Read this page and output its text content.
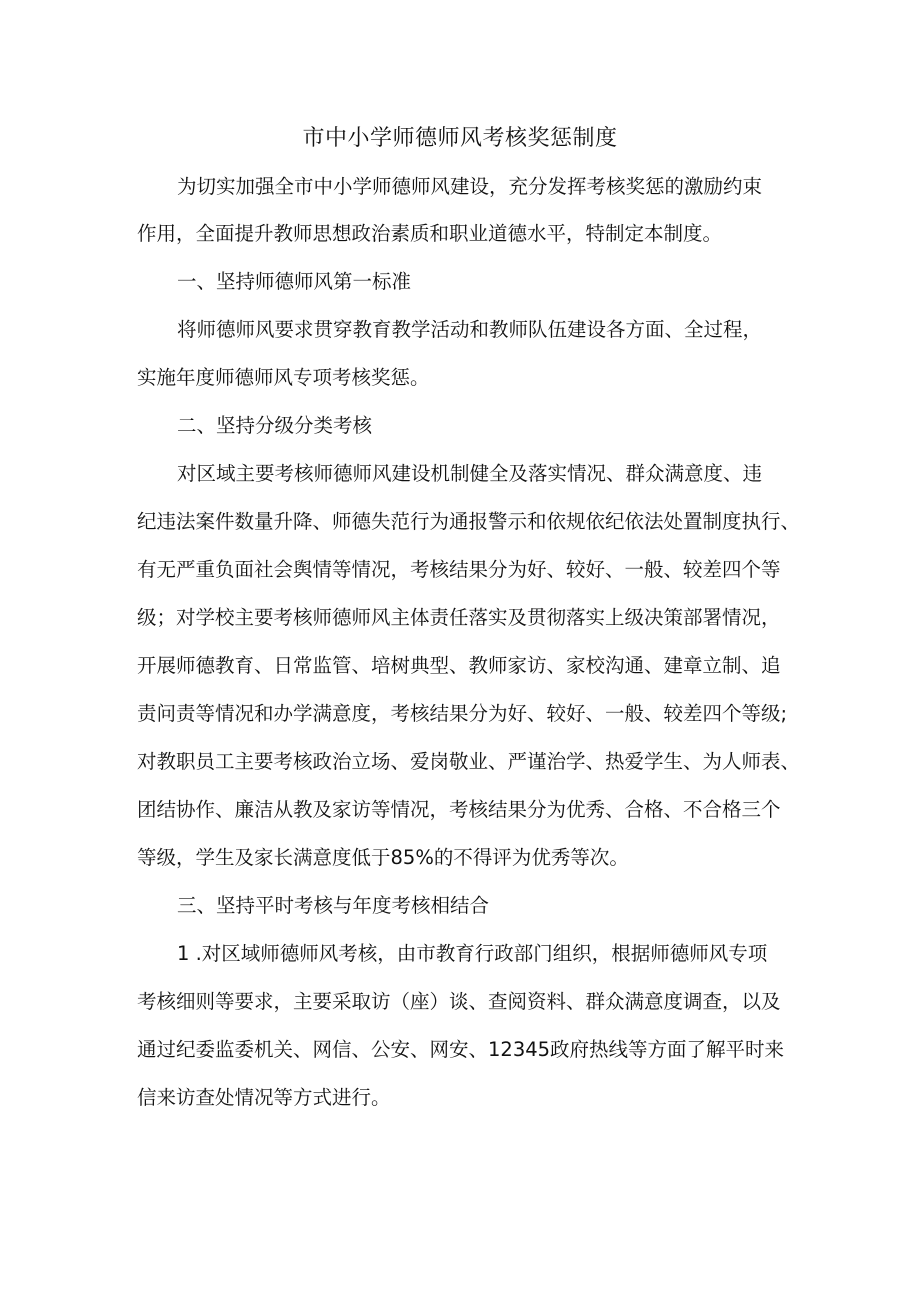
市中小学师德师风考核奖惩制度
为切实加强全市中小学师德师风建设，充分发挥考核奖惩的激励约束
作用，全面提升教师思想政治素质和职业道德水平，特制定本制度。
一、坚持师德师风第一标准
将师德师风要求贯穿教育教学活动和教师队伍建设各方面、全过程，
实施年度师德师风专项考核奖惩。
二、坚持分级分类考核
对区域主要考核师德师风建设机制健全及落实情况、群众满意度、违
纪违法案件数量升降、师德失范行为通报警示和依规依纪依法处置制度执行、
有无严重负面社会舆情等情况，考核结果分为好、较好、一般、较差四个等
级；对学校主要考核师德师风主体责任落实及贯彻落实上级决策部署情况，
开展师德教育、日常监管、培树典型、教师家访、家校沟通、建章立制、追
责问责等情况和办学满意度，考核结果分为好、较好、一般、较差四个等级;
对教职员工主要考核政治立场、爱岗敬业、严谨治学、热爱学生、为人师表、
团结协作、廉洁从教及家访等情况，考核结果分为优秀、合格、不合格三个
等级，学生及家长满意度低于85%的不得评为优秀等次。
三、坚持平时考核与年度考核相结合
1 .对区域师德师风考核，由市教育行政部门组织，根据师德师风专项
考核细则等要求，主要采取访（座）谈、查阅资料、群众满意度调查，以及
通过纪委监委机关、网信、公安、网安、12345政府热线等方面了解平时来
信来访查处情况等方式进行。
